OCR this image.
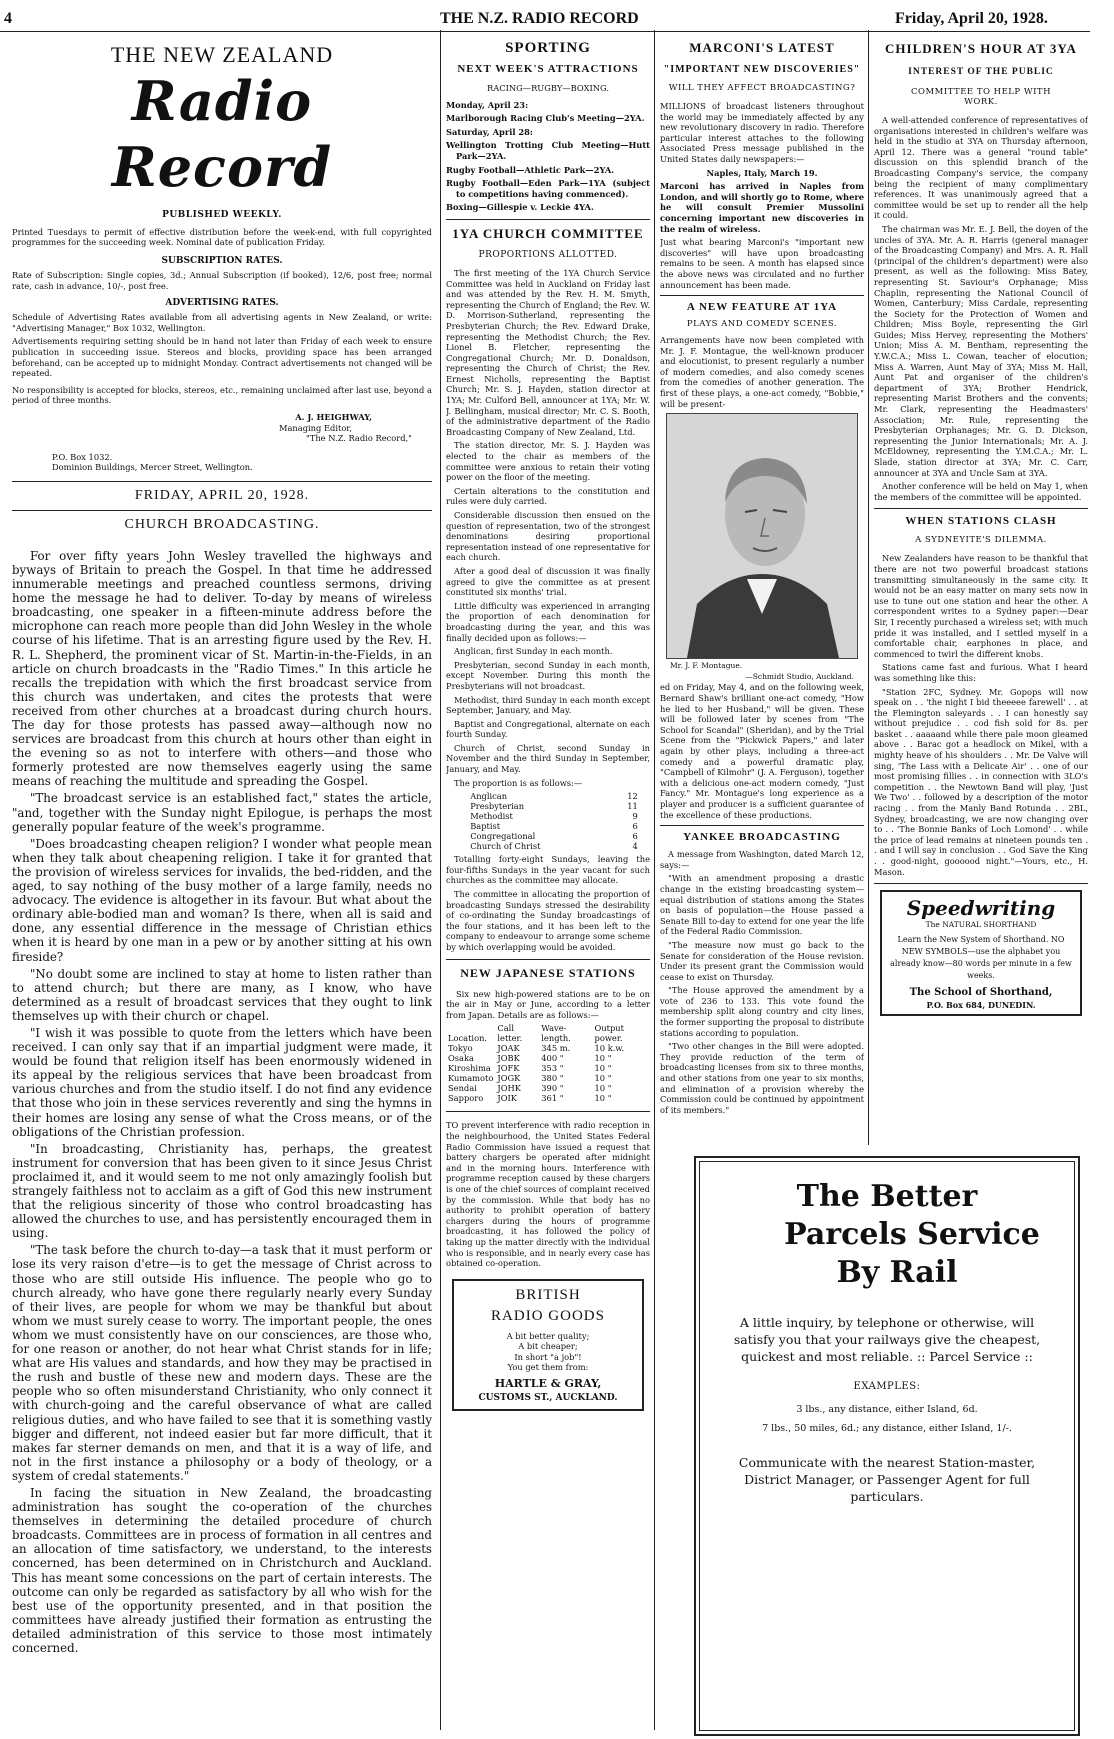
4	THE N.Z. RADIO RECORD	Friday, April 20, 1928.
THE NEW ZEALAND
Radio Record
PUBLISHED WEEKLY.

Printed Tuesdays to permit of effective distribution before the week-end, with full copyrighted programmes for the succeeding week. Nominal date of publication Friday.

SUBSCRIPTION RATES.

Rate of Subscription: Single copies, 3d.; Annual Subscription (if booked), 12/6, post free; normal rate, cash in advance, 10/-, post free.

ADVERTISING RATES.

Schedule of Advertising Rates available from all advertising agents in New Zealand, or write: "Advertising Manager," Box 1032, Wellington.

Advertisements requiring setting should be in hand not later than Friday of each week to ensure publication in succeeding issue. Stereos and blocks, providing space has been arranged beforehand, can be accepted up to midnight Monday. Contract advertisements not changed will be repeated.

No responsibility is accepted for blocks, stereos, etc., remaining unclaimed after last use, beyond a period of three months.

A. J. HEIGHWAY,
Managing Editor,
"The N.Z. Radio Record,"
P.O. Box 1032.
Dominion Buildings, Mercer Street, Wellington.
FRIDAY, APRIL 20, 1928.
CHURCH BROADCASTING.

For over fifty years John Wesley travelled the highways and byways of Britain to preach the Gospel. In that time he addressed innumerable meetings and preached countless sermons, driving home the message he had to deliver. To-day by means of wireless broadcasting, one speaker in a fifteen-minute address before the microphone can reach more people than did John Wesley in the whole course of his lifetime. That is an arresting figure used by the Rev. H. R. L. Shepherd, the prominent vicar of St. Martin-in-the-Fields, in an article on church broadcasts in the "Radio Times." In this article he recalls the trepidation with which the first broadcast service from this church was undertaken, and cites the protests that were received from other churches at a broadcast during church hours. The day for those protests has passed away—although now no services are broadcast from this church at hours other than eight in the evening so as not to interfere with others—and those who formerly protested are now themselves eagerly using the same means of reaching the multitude and spreading the Gospel.

"The broadcast service is an established fact," states the article, "and, together with the Sunday night Epilogue, is perhaps the most generally popular feature of the week's programme.

"Does broadcasting cheapen religion? I wonder what people mean when they talk about cheapening religion. I take it for granted that the provision of wireless services for invalids, the bed-ridden, and the aged, to say nothing of the busy mother of a large family, needs no advocacy. The evidence is altogether in its favour. But what about the ordinary able-bodied man and woman? Is there, when all is said and done, any essential difference in the message of Christian ethics when it is heard by one man in a pew or by another sitting at his own fireside?

"No doubt some are inclined to stay at home to listen rather than to attend church; but there are many, as I know, who have determined as a result of broadcast services that they ought to link themselves up with their church or chapel.

"I wish it was possible to quote from the letters which have been received. I can only say that if an impartial judgment were made, it would be found that religion itself has been enormously widened in its appeal by the religious services that have been broadcast from various churches and from the studio itself. I do not find any evidence that those who join in these services reverently and sing the hymns in their homes are losing any sense of what the Cross means, or of the obligations of the Christian profession.

"In broadcasting, Christianity has, perhaps, the greatest instrument for conversion that has been given to it since Jesus Christ proclaimed it, and it would seem to me not only amazingly foolish but strangely faithless not to acclaim as a gift of God this new instrument that the religious sincerity of those who control broadcasting has allowed the churches to use, and has persistently encouraged them in using.

"The task before the church to-day—a task that it must perform or lose its very raison d'etre—is to get the message of Christ across to those who are still outside His influence. The people who go to church already, who have gone there regularly nearly every Sunday of their lives, are people for whom we may be thankful but about whom we must surely cease to worry. The important people, the ones whom we must consistently have on our consciences, are those who, for one reason or another, do not hear what Christ stands for in life; what are His values and standards, and how they may be practised in the rush and bustle of these new and modern days. These are the people who so often misunderstand Christianity, who only connect it with church-going and the careful observance of what are called religious duties, and who have failed to see that it is something vastly bigger and different, not indeed easier but far more difficult, that it makes far sterner demands on men, and that it is a way of life, and not in the first instance a philosophy or a body of theology, or a system of credal statements."

In facing the situation in New Zealand, the broadcasting administration has sought the co-operation of the churches themselves in determining the detailed procedure of church broadcasts. Committees are in process of formation in all centres and an allocation of time satisfactory, we understand, to the interests concerned, has been determined on in Christchurch and Auckland. This has meant some concessions on the part of certain interests. The outcome can only be regarded as satisfactory by all who wish for the best use of the opportunity presented, and in that position the committees have already justified their formation as entrusting the detailed administration of this service to those most intimately concerned.

SPORTING
NEXT WEEK'S ATTRACTIONS
RACING—RUGBY—BOXING.

Monday, April 23:

Marlborough Racing Club's Meeting—2YA.

Saturday, April 28:

Wellington Trotting Club Meeting—Hutt Park—2YA.

Rugby Football—Athletic Park—2YA.

Rugby Football—Eden Park—1YA (subject to competitions having commenced).

Boxing—Gillespie v. Leckie 4YA.

1YA CHURCH COMMITTEE
PROPORTIONS ALLOTTED.

The first meeting of the 1YA Church Service Committee was held in Auckland on Friday last and was attended by the Rev. H. M. Smyth, representing the Church of England; the Rev. W. D. Morrison-Sutherland, representing the Presbyterian Church; the Rev. Edward Drake, representing the Methodist Church; the Rev. Lionel B. Fletcher, representing the Congregational Church; Mr. D. Donaldson, representing the Church of Christ; the Rev. Ernest Nicholls, representing the Baptist Church; Mr. S. J. Hayden, station director at 1YA; Mr. Culford Bell, announcer at 1YA; Mr. W. J. Bellingham, musical director; Mr. C. S. Booth, of the administrative department of the Radio Broadcasting Company of New Zealand, Ltd.

The station director, Mr. S. J. Hayden was elected to the chair as members of the committee were anxious to retain their voting power on the floor of the meeting.

Certain alterations to the constitution and rules were duly carried.

Considerable discussion then ensued on the question of representation, two of the strongest denominations desiring proportional representation instead of one representative for each church.

After a good deal of discussion it was finally agreed to give the committee as at present constituted six months' trial.

Little difficulty was experienced in arranging the proportion of each denomination for broadcasting during the year, and this was finally decided upon as follows:—

Anglican, first Sunday in each month.

Presbyterian, second Sunday in each month, except November. During this month the Presbyterians will not broadcast.

Methodist, third Sunday in each month except September, January, and May.

Baptist and Congregational, alternate on each fourth Sunday.

Church of Christ, second Sunday in November and the third Sunday in September, January, and May.

The proportion is as follows:—

Anglican	12
Presbyterian	11
Methodist	9
Baptist	6
Congregational	6
Church of Christ	4

Totalling forty-eight Sundays, leaving the four-fifths Sundays in the year vacant for such churches as the committee may allocate.

The committee in allocating the proportion of broadcasting Sundays stressed the desirability of co-ordinating the Sunday broadcastings of the four stations, and it has been left to the company to endeavour to arrange some scheme by which overlapping would be avoided.

NEW JAPANESE STATIONS

Six new high-powered stations are to be on the air in May or June, according to a letter from Japan. Details are as follows:—

Location.	Call letter.	Wave-length.	Output power.
Tokyo	JOAK	345 m.	10 k.w.
Osaka	JOBK	400 "	10 "
Kiroshima	JOFK	353 "	10 "
Kumamoto	JOGK	380 "	10 "
Sendai	JOHK	390 "	10 "
Sapporo	JOIK	361 "	10 "

TO prevent interference with radio reception in the neighbourhood, the United States Federal Radio Commission have issued a request that battery chargers be operated after midnight and in the morning hours. Interference with programme reception caused by these chargers is one of the chief sources of complaint received by the commission. While that body has no authority to prohibit operation of battery chargers during the hours of programme broadcasting, it has followed the policy of taking up the matter directly with the individual who is responsible, and in nearly every case has obtained co-operation.

BRITISH
RADIO GOODS
A bit better quality;
A bit cheaper;
In short "a job"!
You get them from:
HARTLE & GRAY,
CUSTOMS ST., AUCKLAND.
MARCONI'S LATEST
"IMPORTANT NEW DISCOVERIES"
WILL THEY AFFECT BROADCASTING?

MILLIONS of broadcast listeners throughout the world may be immediately affected by any new revolutionary discovery in radio. Therefore particular interest attaches to the following Associated Press message published in the United States daily newspapers:—

Naples, Italy, March 19.

Marconi has arrived in Naples from London, and will shortly go to Rome, where he will consult Premier Mussolini concerning important new discoveries in the realm of wireless.

Just what bearing Marconi's "important new discoveries" will have upon broadcasting remains to be seen. A month has elapsed since the above news was circulated and no further announcement has been made.

A NEW FEATURE AT 1YA
PLAYS AND COMEDY SCENES.

Arrangements have now been completed with Mr. J. F. Montague, the well-known producer and elocutionist, to present regularly a number of modern comedies, and also comedy scenes from the comedies of another generation. The first of these plays, a one-act comedy, "Bobbie," will be present-

Mr. J. F. Montague.
—Schmidt Studio, Auckland.

ed on Friday, May 4, and on the following week, Bernard Shaw's brilliant one-act comedy, "How he lied to her Husband," will be given. These will be followed later by scenes from "The School for Scandal" (Sheridan), and by the Trial Scene from the "Pickwick Papers," and later again by other plays, including a three-act comedy and a powerful dramatic play, "Campbell of Kilmohr" (J. A. Ferguson), together with a delicious one-act modern comedy, "Just Fancy." Mr. Montague's long experience as a player and producer is a sufficient guarantee of the excellence of these productions.

YANKEE BROADCASTING

A message from Washington, dated March 12, says:—

"With an amendment proposing a drastic change in the existing broadcasting system—equal distribution of stations among the States on basis of population—the House passed a Senate Bill to-day to extend for one year the life of the Federal Radio Commission.

"The measure now must go back to the Senate for consideration of the House revision. Under its present grant the Commission would cease to exist on Thursday.

"The House approved the amendment by a vote of 236 to 133. This vote found the membership split along country and city lines, the former supporting the proposal to distribute stations according to population.

"Two other changes in the Bill were adopted. They provide reduction of the term of broadcasting licenses from six to three months, and other stations from one year to six months, and elimination of a provision whereby the Commission could be continued by appointment of its members."

CHILDREN'S HOUR AT 3YA
INTEREST OF THE PUBLIC
COMMITTEE TO HELP WITH WORK.

A well-attended conference of representatives of organisations interested in children's welfare was held in the studio at 3YA on Thursday afternoon, April 12. There was a general "round table" discussion on this splendid branch of the Broadcasting Company's service, the company being the recipient of many complimentary references. It was unanimously agreed that a committee would be set up to render all the help it could.

The chairman was Mr. E. J. Bell, the doyen of the uncles of 3YA. Mr. A. R. Harris (general manager of the Broadcasting Company) and Mrs. A. R. Hall (principal of the children's department) were also present, as well as the following: Miss Batey, representing St. Saviour's Orphanage; Miss Chaplin, representing the National Council of Women, Canterbury; Miss Cardale, representing the Society for the Protection of Women and Children; Miss Boyle, representing the Girl Guides; Miss Hervey, representing the Mothers' Union; Miss A. M. Bentham, representing the Y.W.C.A.; Miss L. Cowan, teacher of elocution; Miss A. Warren, Aunt May of 3YA; Miss M. Hall, Aunt Pat and organiser of the children's department of 3YA; Brother Hendrick, representing Marist Brothers and the convents; Mr. Clark, representing the Headmasters' Association; Mr. Rule, representing the Presbyterian Orphanages; Mr. G. D. Dickson, representing the Junior Internationals; Mr. A. J. McEldowney, representing the Y.M.C.A.; Mr. L. Slade, station director at 3YA; Mr. C. Carr, announcer at 3YA and Uncle Sam at 3YA.

Another conference will be held on May 1, when the members of the committee will be appointed.

WHEN STATIONS CLASH
A SYDNEYITE'S DILEMMA.

New Zealanders have reason to be thankful that there are not two powerful broadcast stations transmitting simultaneously in the same city. It would not be an easy matter on many sets now in use to tune out one station and hear the other. A correspondent writes to a Sydney paper:—Dear Sir, I recently purchased a wireless set; with much pride it was installed, and I settled myself in a comfortable chair, earphones in place, and commenced to twirl the different knobs.

Stations came fast and furious. What I heard was something like this:

"Station 2FC, Sydney. Mr. Gopops will now speak on . . 'the night I bid theeeee farewell' . . at the Flemington saleyards . . I can honestly say without prejudice . . cod fish sold for 8s. per basket . . aaaaand while there pale moon gleamed above . . Barac got a headlock on Mikel, with a mighty heave of his shoulders . . Mr. De Valve will sing, 'The Lass with a Delicate Air' . . one of our most promising fillies . . in connection with 3LO's competition . . the Newtown Band will play, 'Just We Two' . . followed by a description of the motor racing . . from the Manly Band Rotunda . . 2BL, Sydney, broadcasting, we are now changing over to . . 'The Bonnie Banks of Loch Lomond' . . while the price of lead remains at nineteen pounds ten . . and I will say in conclusion . . God Save the King . . good-night, goooood night."—Yours, etc., H. Mason.

Speedwriting
The NATURAL SHORTHAND
Learn the New System of Shorthand. NO NEW SYMBOLS—use the alphabet you already know—80 words per minute in a few weeks.
The School of Shorthand,
P.O. Box 684, DUNEDIN.
The Better
Parcels Service
By Rail
A little inquiry, by telephone or otherwise, will satisfy you that your railways give the cheapest, quickest and most reliable. :: Parcel Service ::
EXAMPLES:
3 lbs., any distance, either Island, 6d.
7 lbs., 50 miles, 6d.; any distance, either Island, 1/-.
Communicate with the nearest Station-master, District Manager, or Passenger Agent for full particulars.
